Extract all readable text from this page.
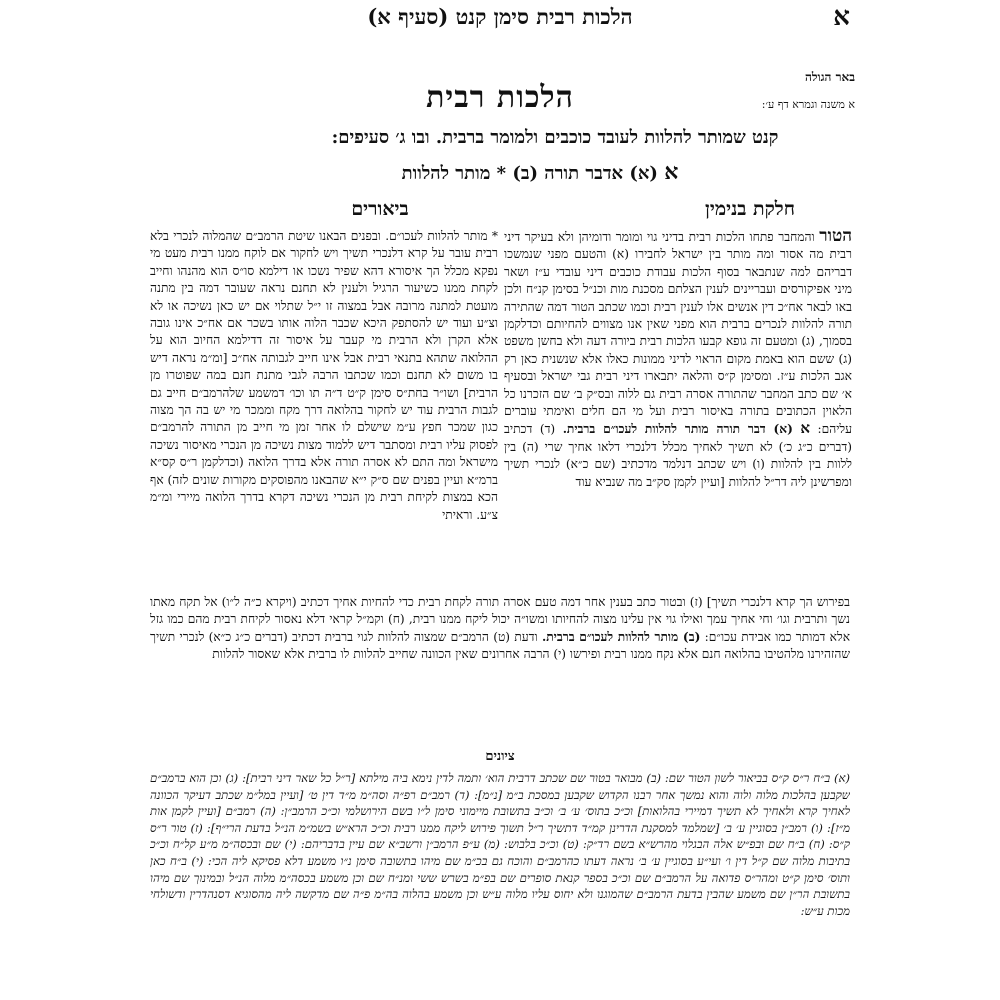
הלכות רבית סימן קנט (סעיף א)	א
באר הגולה
א משנה וגמרא דף ע׳:
הלכות רבית
קנט שמותר להלוות לעובד כוכבים ולמומר ברבית. ובו ג׳ סעיפים:
א (א) אדבר תורה (ב) * מותר להלוות
חלקת בנימין
ביאורים
הטור והמחבר פתחו הלכות רבית בדיני גוי ומומר ודומיהן ולא בעיקר דיני רבית מה אסור ומה מותר בין ישראל לחבירו (א) והטעם מפני שנמשכו דבריהם למה שנתבאר בסוף הלכות עבודת כוכבים דיני עובדי ע״ז ושאר מיני אפיקורסים ועבריינים לענין הצלתם מסכנת מות וכנ״ל בסימן קנ״ח ולכן באו לבאר אח״כ דין אנשים אלו לענין רבית וכמו שכתב הטור דמה שהתירה תורה להלוות לנכרים ברבית הוא מפני שאין אנו מצווים להחיותם וכדלקמן בסמוך, (ג) ומטעם זה גופא קבעו הלכות רבית ביורה דעה ולא בחשן משפט (ג) ששם הוא באמת מקום הראוי לדיני ממונות כאלו אלא שנשנית כאן רק אגב הלכות ע״ז. ומסימן ק״ס והלאה יתבארו דיני רבית גבי ישראל ובסעיף א׳ שם כתב המחבר שהתורה אסרה רבית גם ללוה ובס״ק ב׳ שם הזכרנו כל הלאוין הכתובים בתורה באיסור רבית ועל מי הם חלים ואימתי עוברים עליהם: א (א) דבר תורה מותר להלוות לעכו״ם ברבית. (ד) דכתיב (דברים כ״ג כ׳) לא תשיך לאחיך מכלל דלנכרי דלאו אחיך שרי (ה) בין ללוות בין להלוות (ו) ויש שכתב דנלמד מדכתיב (שם כ״א) לנכרי תשיך ומפרשינן ליה דר״ל להלוות [ועיין לקמן סק״ב מה שנביא עוד
* מותר להלוות לעכו״ם. ובפנים הבאנו שיטת הרמב״ם שהמלוה לנכרי בלא רבית עובר על קרא דלנכרי תשיך ויש לחקור אם לוקח ממנו רבית מעט מי נפקא מכלל הך איסורא דהא שפיר נשכו או דילמא סו״ס הוא מהנהו וחייב לקחת ממנו כשיעור הרגיל ולענין לא תחנם נראה שעובר דמה בין מתנה מועטת למתנה מרובה אבל במצוה זו י״ל שתלוי אם יש כאן נשיכה או לא וצ״ע ועוד יש להסתפק היכא שכבר הלוה אותו בשכר אם אח״כ אינו גובה אלא הקרן ולא הרבית מי קעבר על איסור זה דדילמא החיוב הוא על ההלואה שתהא בתנאי רבית אבל אינו חייב לגבותה אח״כ [ומ״מ נראה דיש בו משום לא תחנם וכמו שכתבו הרבה לגבי מתנת חנם במה שפוטרו מן הרבית] ושו״ר בחת״ס סימן ק״ט ד״ה תו וכו׳ דמשמע שלהרמב״ם חייב גם לגבות הרבית עוד יש לחקור בהלואה דרך מקח וממכר מי יש בה הך מצוה כגון שמכר חפץ ע״מ שישלם לו אחר זמן מי חייב מן התורה להרמב״ם לפסוק עליו רבית ומסתבר דיש ללמוד מצות נשיכה מן הנכרי מאיסור נשיכה מישראל ומה התם לא אסרה תורה אלא בדרך הלואה (וכדלקמן ר״ס קס״א ברמ״א ועיין בפנים שם ס״ק י״א שהבאנו מהפוסקים מקורות שונים לזה) אף הכא במצות לקיחת רבית מן הנכרי נשיכה דקרא בדרך הלואה מיירי ומ״מ צ״ע. וראיתי
בפירוש הך קרא דלנכרי תשיך] (ז) ובטור כתב בענין אחר דמה טעם אסרה תורה לקחת רבית כדי להחיות אחיך דכתיב (ויקרא כ״ה ל״ו) אל תקח מאתו נשך ותרבית וגו׳ וחי אחיך עמך ואילו גוי אין עלינו מצוה להחיותו ומשו״ה יכול ליקח ממנו רבית, (ח) וקמ״ל קראי דלא נאסור לקיחת רבית מהם כמו גזל אלא דמותר כמו אבידת עכו״ם: (ב) מותר להלוות לעכו״ם ברבית. ודעת (ט) הרמב״ם שמצוה להלוות לגוי ברבית דכתיב (דברים כ״ג כ״א) לנכרי תשיך שהזהירנו מלהטיבו בהלואה חנם אלא נקח ממנו רבית ופירשו (י) הרבה אחרונים שאין הכוונה שחייב להלוות לו ברבית אלא שאסור להלוות
ציונים
(א) ב״ח ר״ס ק״ס בביאור לשון הטור שם: (ב) מבואר בטור שם שכתב דרבית הוא׳ ותמה לדין נימא ביה מילתא [ר״ל כל שאר דיני רבית]: (ג) וכן הוא ברמב״ם שקבען בהלכות מלוה ולוה והוא נמשך אחר רבנו הקדוש שקבען במסכת ב״מ [נ״מ]: (ד) רמב״ם רפ״ה וסה״מ מ״ד דין ט׳ [ועיין במל״מ שכתב דעיקר הכוונה לאחיך קרא ולאחיך לא תשיך דמיירי בהלואות] וכ״כ בתוס׳ ע׳ ב׳ וכ״ב בתשובת מיימוני סימן ל״ו בשם הירושלמי וכ״כ הרמב״ן: (ה) רמב״ם [ועיין לקמן אות מ״ז]: (ו) רמב״ן בסוגיין ע׳ ב׳ [שמלמד למסקנת הדרינן קמ״ד דתשיך ר״ל תשוך פירוש ליקח ממנו רבית וכ״כ הרא״ש בשמ״מ הנ״ל בדעת הרי״ף]: (ז) טור ר״ס ק״ס: (ח) ב״ח שם ובפ״ש אלה הבגלוי מהרש״א בשם רד״ק: (ט) וכ״כ בלבוש: (מ) ע״פ הרמב״ן ורשב״א שם עיין בדבריהם: (י) שם ובכסה״מ מ״ע קל״ח וכ״כ בתיבות מלוה שם ק״ל דין ו׳ ועי״ע בסוגיין ע׳ ב׳ נראה דעתו כהרמב״ם והוכח גם בכ״מ שם מיהו בתשובה סימן נ״ו משמע דלא פסיקא ליה הכי: (י) ב״ח כאן ותוס׳ סימן ק״ט ומהר״ס פדואה על הרמב״ם שם וכ״כ בספר קנאת סופרים שם בפ״מ בשרש ששי ומנ״ח שם וכן משמע בכסה״מ מלוה הנ״ל ובמינוך שם מיהו בתשובת הר״ן שם משמע שהבין בדעת הרמב״ם שהמוגנו ולא יחוס עליו מלוה ע״ש וכן משמע בהלוה בה״מ פ״ה שם מדקשה ליה מהסוגיא דסנהדרין ודשולחי מכות ע״ש:
